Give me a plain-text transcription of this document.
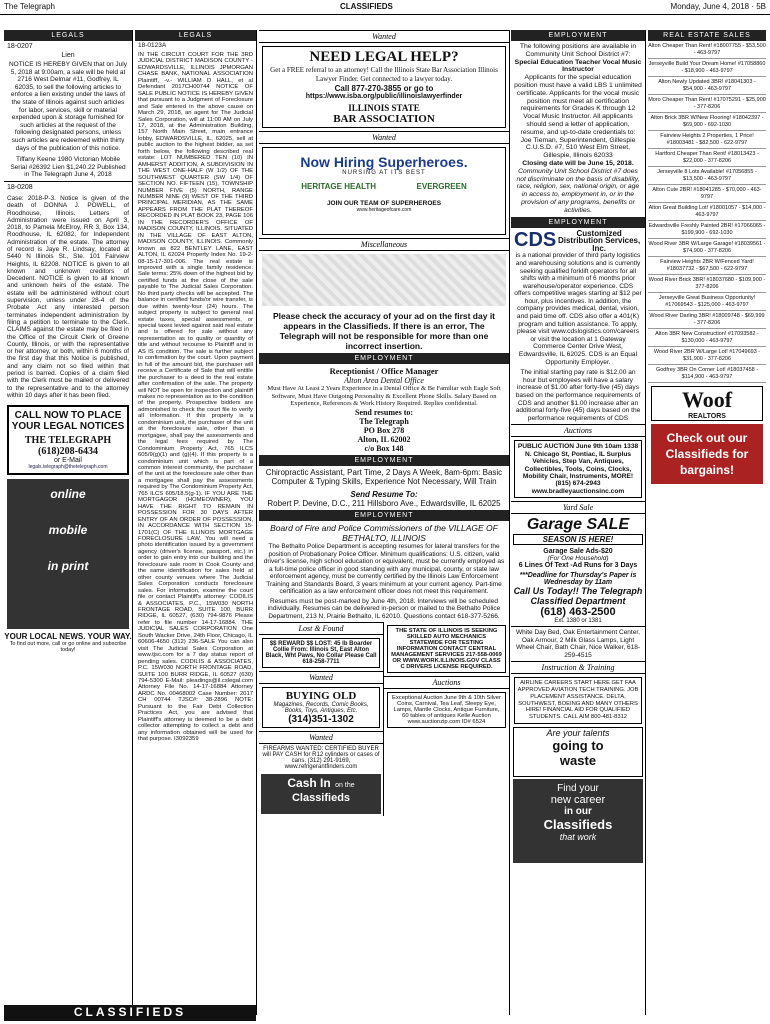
The Telegraph	CLASSIFIEDS	Monday, June 4, 2018 · 5B
LEGALS
18-0207
Lien
NOTICE IS HEREBY GIVEN that on July 5, 2018 at 9:00am, a sale will be held at 2716 West Delmar #11, Godfrey, IL 62035, to sell the following articles to enforce a lien existing under the laws of the state of Illinois against such articles for labor, services, skill or material expended upon & storage furnished for such articles at the request of the following designated persons, unless such articles are redeemed within thirty days of the publication of this notice.
Tiffany Keene 1980 Victorian Mobile Serial #26392 Lien $1,240.22 Published in The Telegraph June 4, 2018
18-0208
Case: 2018-P-3. Notice is given of the death of DONNA J. POWELL, of Roodhouse, Illinois. Letters of Administration were issued on April 3, 2018, to Pamela McElroy, RR 3, Box 134, Roodhouse, IL 62082, for Independent Administration of the estate. The attorney of record is Jaye R. Lindsay, located at 5440 N Illinois St., Ste. 101 Fairview Heights, IL 62208. NOTICE is given to all known and unknown creditors of Decedent. NOTICE is given to all known and unknown heirs of the estate. The estate will be administered without court supervision, unless under 28-4 of the Probate Act any interested person terminates independent administration by filing a petition to terminate to the Clerk. CLAIMS against the estate may be filed in the Office of the Circuit Clerk of Greene County, Illinois, or with the representative or her attorney, or both, within 6 months of the first day that this Notice is published, and any claim not so filed within that period is barred. Copies of a claim filed with the Clerk must be mailed or delivered to the representative and to the attorney within 10 days after it has been filed.
CALL NOW TO PLACE YOUR LEGAL NOTICES
THE TELEGRAPH (618)208-6434
or E-Mail
legals.telegraph@thetelegraph.com
online
mobile
in print
YOUR LOCAL NEWS. YOUR WAY.
To find out more, call or go online and subscribe today!
LEGALS
18-0123A
IN THE CIRCUIT COURT FOR THE 3RD JUDICIAL DISTRICT MADISON COUNTY - EDWARDSVILLE, ILLINOIS JPMORGAN CHASE BANK, NATIONAL ASSOCIATION Plaintiff, -v.- WILLIAM D HALL, et al Defendant 2017CH00744 NOTICE OF SALE PUBLIC NOTICE IS HEREBY GIVEN that pursuant to a Judgment of Foreclosure and Sale entered in the above cause on March 29, 2018, an agent for The Judicial Sales Corporation, will at 11:00 AM on July 17, 2018, at the Administration Building, 157 North Main Street, main entrance lobby, EDWARDSVILLE, IL, 62025, sell at public auction to the highest bidder, as set forth below, the following described real estate: LOT NUMBERED TEN (10) IN AMHERST ADDITION, A SUBDIVISION IN THE WEST ONE-HALF (W 1/2) OF THE SOUTHWEST QUARTER (SW 1/4) OF SECTION NO. FIFTEEN (15), TOWNSHIP NUMBER FIVE (5) NORTH, RANGE NUMBER NINE (9) WEST OF THE THIRD PRINCIPAL MERIDIAN, AS THE SAME APPEARS FROM THE PLAT THEREOF RECORDED IN PLAT BOOK 23, PAGE 106 IN THE RECORDER'S OFFICE OF MADISON COUNTY, ILLINOIS. SITUATED IN THE VILLAGE OF EAST ALTON, MADISON COUNTY, ILLINOIS. Commonly known as 822 BENTLEY LANE, EAST ALTON, IL 62024 Property Index No. 19-2-08-15-17-301-006. The real estate is improved with a single family residence. Sale terms: 25% down of the highest bid by certified funds at the close of the sale payable to The Judicial Sales Corporation. No third party checks will be accepted. The balance in certified funds/or wire transfer, is due within twenty-four (24) hours. The subject property is subject to general real estate taxes, special assessments, or special taxes levied against said real estate and is offered for sale without any representation as to quality or quantity of title and without recourse to Plaintiff and in AS IS condition. The sale is further subject to confirmation by the court. Upon payment in full of the amount bid, the purchaser will receive a Certificate of Sale that will entitle the purchaser to a deed to the real estate after confirmation of the sale. The property will NOT be open for inspection and plaintiff makes no representation as to the condition of the property. Prospective bidders are admonished to check the court file to verify all information. If this property is a condominium unit, the purchaser of the unit at the foreclosure sale, other than a mortgagee, shall pay the assessments and the legal fees required by The Condominium Property Act, 765 ILCS 605/9(g)(1) and (g)(4). If this property is a condominium unit which is part of a common interest community, the purchaser of the unit at the foreclosure sale other than a mortgagee shall pay the assessments required by The Condominium Property Act, 765 ILCS 605/18.5(g-1). IF YOU ARE THE MORTGAGOR (HOMEOWNER), YOU HAVE THE RIGHT TO REMAIN IN POSSESSION FOR 30 DAYS AFTER ENTRY OF AN ORDER OF POSSESSION, IN ACCORDANCE WITH SECTION 15-1701(C) OF THE ILLINOIS MORTGAGE FORECLOSURE LAW. You will need a photo identification issued by a government agency (driver's license, passport, etc.) in order to gain entry into our building and the foreclosure sale room in Cook County and the same identification for sales held at other county venues where The Judicial Sales Corporation conducts foreclosure sales. For information, examine the court file or contact Plaintiff's attorney: CODILIS & ASSOCIATES, P.C., 15W030 NORTH FRONTAGE ROAD, SUITE 100, BURR RIDGE, IL 60527, (630) 794-9876 Please refer to file number 14-17-16884. THE JUDICIAL SALES CORPORATION One South Wacker Drive, 24th Floor, Chicago, IL 60606-4650 (312) 236-SALE You can also visit The Judicial Sales Corporation at www.tjsc.com for a 7 day status report of pending sales. CODILIS & ASSOCIATES, P.C. 15W030 NORTH FRONTAGE ROAD, SUITE 100 BURR RIDGE, IL 60527 (630) 794-5300 E-Mail: pleadings@il.cslegal.com Attorney File No. 14-17-16884 Attorney ARDC No. 00468002 Case Number: 2017 CH 00744 TJSC#: 38-2896 NOTE: Pursuant to the Fair Debt Collection Practices Act, you are advised that Plaintiff's attorney is deemed to be a debt collector attempting to collect a debt and any information obtained will be used for that purpose. I3092359
Wanted
NEED LEGAL HELP?
Get a FREE referral to an attorney! Call the Illinois State Bar Association Illinois Lawyer Finder. Get connected to a lawyer today.
Call 877-270-3855 or go to
https://www.isba.org/public/illinoislawyerfinder
ILLINOIS STATE
BAR ASSOCIATION
Wanted
Now Hiring Superheroes.
NURSING AT ITS BEST
HERITAGE HEALTH	EVERGREEN
JOIN OUR TEAM OF SUPERHEROES
www.heritageofcare.com
Miscellaneous
Please check the accuracy of your ad on the first day it appears in the Classifieds. If there is an error, The Telegraph will not be responsible for more than one incorrect insertion.
EMPLOYMENT
Receptionist / Office Manager
Alton Area Dental Office
Must Have At Least 2 Years Experience in a Dental Office & Be Familiar with Eagle Soft Software, Must Have Outgoing Personality & Excellent Phone Skills. Salary Based on Experience, References & Work History Required. Replies confidential.
Send resumes to:
The Telegraph
PO Box 278
Alton, IL 62002
c/o Box 148
EMPLOYMENT
Chiropractic Assistant, Part Time, 2 Days A Week, 8am-6pm: Basic Computer & Typing Skills, Experience Not Necessary, Will Train
Send Resume To:
Robert P. Devine, D.C., 211 Hillsboro Ave., Edwardsville, IL 62025
EMPLOYMENT
Board of Fire and Police Commissioners of the VILLAGE OF BETHALTO, ILLINOIS
The Bethalto Police Department is accepting resumes for lateral transfers for the position of Probationary Police Officer. Minimum qualifications: U.S. citizen, valid driver's license, high school education or equivalent, must be currently employed as a full-time police officer in good standing with any municipal, county, or state law enforcement agency, must be currently certified by the Illinois Law Enforcement Training and Standards Board, 3 years minimum at your current agency. Part-time certification as a law enforcement officer does not meet this requirement.
Resumes must be post-marked by June 4th, 2018. Interviews will be scheduled individually. Resumes can be delivered in-person or mailed to the Bethalto Police Department, 213 N. Prairie Bethalto, IL 62010. Questions contact 618-377-5266.
Lost & Found
$$ REWARD $$ LOST: 45 lb Boarder Collie From: Illinois St, East Alton Black, Wht Paws, No Collar Please Call 618-258-7711
Wanted
BUYING OLD
Magazines, Records, Comic Books, Books, Toys, Antiques, Etc.
(314)351-1302
Wanted
FIREARMS WANTED: CERTIFIED BUYER will PAY CASH for R12 cylinders or cases of cans. (312) 291-9169, www.refrigerantfinders.com
Cash In on the
Classifieds
THE STATE OF ILLINOIS IS SEEKING SKILLED AUTO MECHANICS STATEWIDE FOR TESTING INFORMATION CONTACT CENTRAL MANAGEMENT SERVICES 217-558-0069 OR WWW.WORK.ILLINOIS.GOV CLASS C DRIVERS LICENSE REQUIRED.
Auctions
Exceptional Auction June 9th & 10th Silver Coins, Carnival, Tea Leaf, Sleepy Eye, Lamps, Mantle Clocks, Antique Furniture, 60 tables of antiques Kelle Auction www.auctionzip.com ID# 6524
EMPLOYMENT
The following positions are available in Community Unit School District #7:
Special Education Teacher Vocal Music Instructor
Applicants for the special education position must have a valid LBS 1 unlimited certificate. Applicants for the vocal music position must meet all certification requirements for Grades K through 12 Vocal Music Instructor. All applicants should send a letter of application, resume, and up-to-date credentials to:
Joe Tieman, Superintendent, Gillespie C.U.S.D. #7, 510 West Elm Street, Gillespie, Illinois 62033
Closing date will be June 15, 2018.
Community Unit School District #7 does not discriminate on the basis of disability, race, religion, sex, national origin, or age in access to, employment in, or in the provision of any programs, benefits or activities.
EMPLOYMENT
CDS	Customized Distribution Services, Inc.
is a national provider of third party logistics and warehousing solutions and is currently seeking qualified forklift operators for all shifts with a minimum of 6 months prior warehouse/operator experience. CDS offers competitive wages starting at $12 per hour, plus incentives. In addition, the company provides medical, dental, vision, and paid time off. CDS also offer a 401(K) program and tuition assistance. To apply, please visit www.cdslogistics.com/careers or visit the location at 1 Gateway Commerce Center Drive West, Edwardsville, IL 62025. CDS is an Equal Opportunity Employer.
The initial starting pay rate is $12.00 an hour but employees will have a salary increase of $1.00 after forty-five (45) days based on the performance requirements of CDS and another $1.00 increase after an additional forty-five (45) days based on the performance requirements of CDS
Auctions
PUBLIC AUCTION June 9th 10am 1338 N. Chicago St, Pontiac, IL Surplus Vehicles, Step Van, Antiques, Collectibles, Tools, Coins, Clocks, Mobility Chair, Instruments, MORE! (815) 674-2943 www.bradleyauctionsinc.com
Yard Sale
Garage SALE
SEASON IS HERE!
Garage Sale Ads-$20
(For One Household)
6 Lines Of Text -Ad Runs for 3 Days
***Deadline for Thursday's Paper is Wednesday by 11am
Call Us Today!! The Telegraph Classified Department
(618) 463-2500
Ext. 1380 or 1381
White Day Bed, Oak Entertainment Center, Oak Armour, 2 Milk Glass Lamps, Light Wheel Chair, Bath Chair, Nice Walker, 618-259-4515
Instruction & Training
AIRLINE CAREERS START HERE GET FAA APPROVED AVIATION TECH TRAINING. JOB PLACEMENT ASSISTANCE. DELTA, SOUTHWEST, BOEING AND MANY OTHERS HIRE! FINANCIAL AID FOR QUALIFIED STUDENTS. CALL AIM 800-481-8312
Are your talents
going to
waste
Find your
new career
in our
Classifieds
that work
REAL ESTATE SALES
Alton Cheaper Than Rent! #18007755 - $53,500 - 463-9797
Jerseyville Build Your Dream Home! #17058860 - $18,900 - 463-9797
Alton Newly Updated 3BR! #18041303 - $54,900 - 463-9797
Moro Cheaper Than Rent! #17075291 - $25,900 - 377-8206
Alton Brick 3BR W/New Flooring! #18042397 - $69,900 - 692-1030
Fairview Heights 2 Properties, 1 Price! #18003481 - $82,500 - 622-9797
Hartford Cheaper Than Rent! #18013423 - $22,000 - 377-8206
Jerseyville 8 Lots Available! #17056855 - $13,500 - 463-9797
Alton Cute 2BR! #18041285 - $70,000 - 463-9797
Alton Great Building Lot! #18001057 - $14,000 - 463-9797
Edwardsville Freshly Painted 2BR! #17066065 - $199,900 - 692-1030
Wood River 3BR W/Large Garage! #18039561 - $74,900 - 377-8206
Fairview Heights 2BR W/Fenced Yard! #18037732 - $67,500 - 622-9797
Wood River Brick 3BR! #18037680 - $109,900 - 377-8206
Jerseyville Great Business Opportunity! #17069543 - $125,000 - 463-9797
Wood River Darling 3BR! #18009748 - $69,999 - 377-8206
Alton 3BR New Construction! #17093582 - $130,000 - 463-9797
Wood River 2BR W/Large Lot! #17049693 - $31,900 - 377-8206
Godfrey 3BR On Corner Lot! #18037458 - $114,900 - 463-9797
Woof
REALTORS
Check out our Classifieds for bargains!
CLASSIFIEDS
